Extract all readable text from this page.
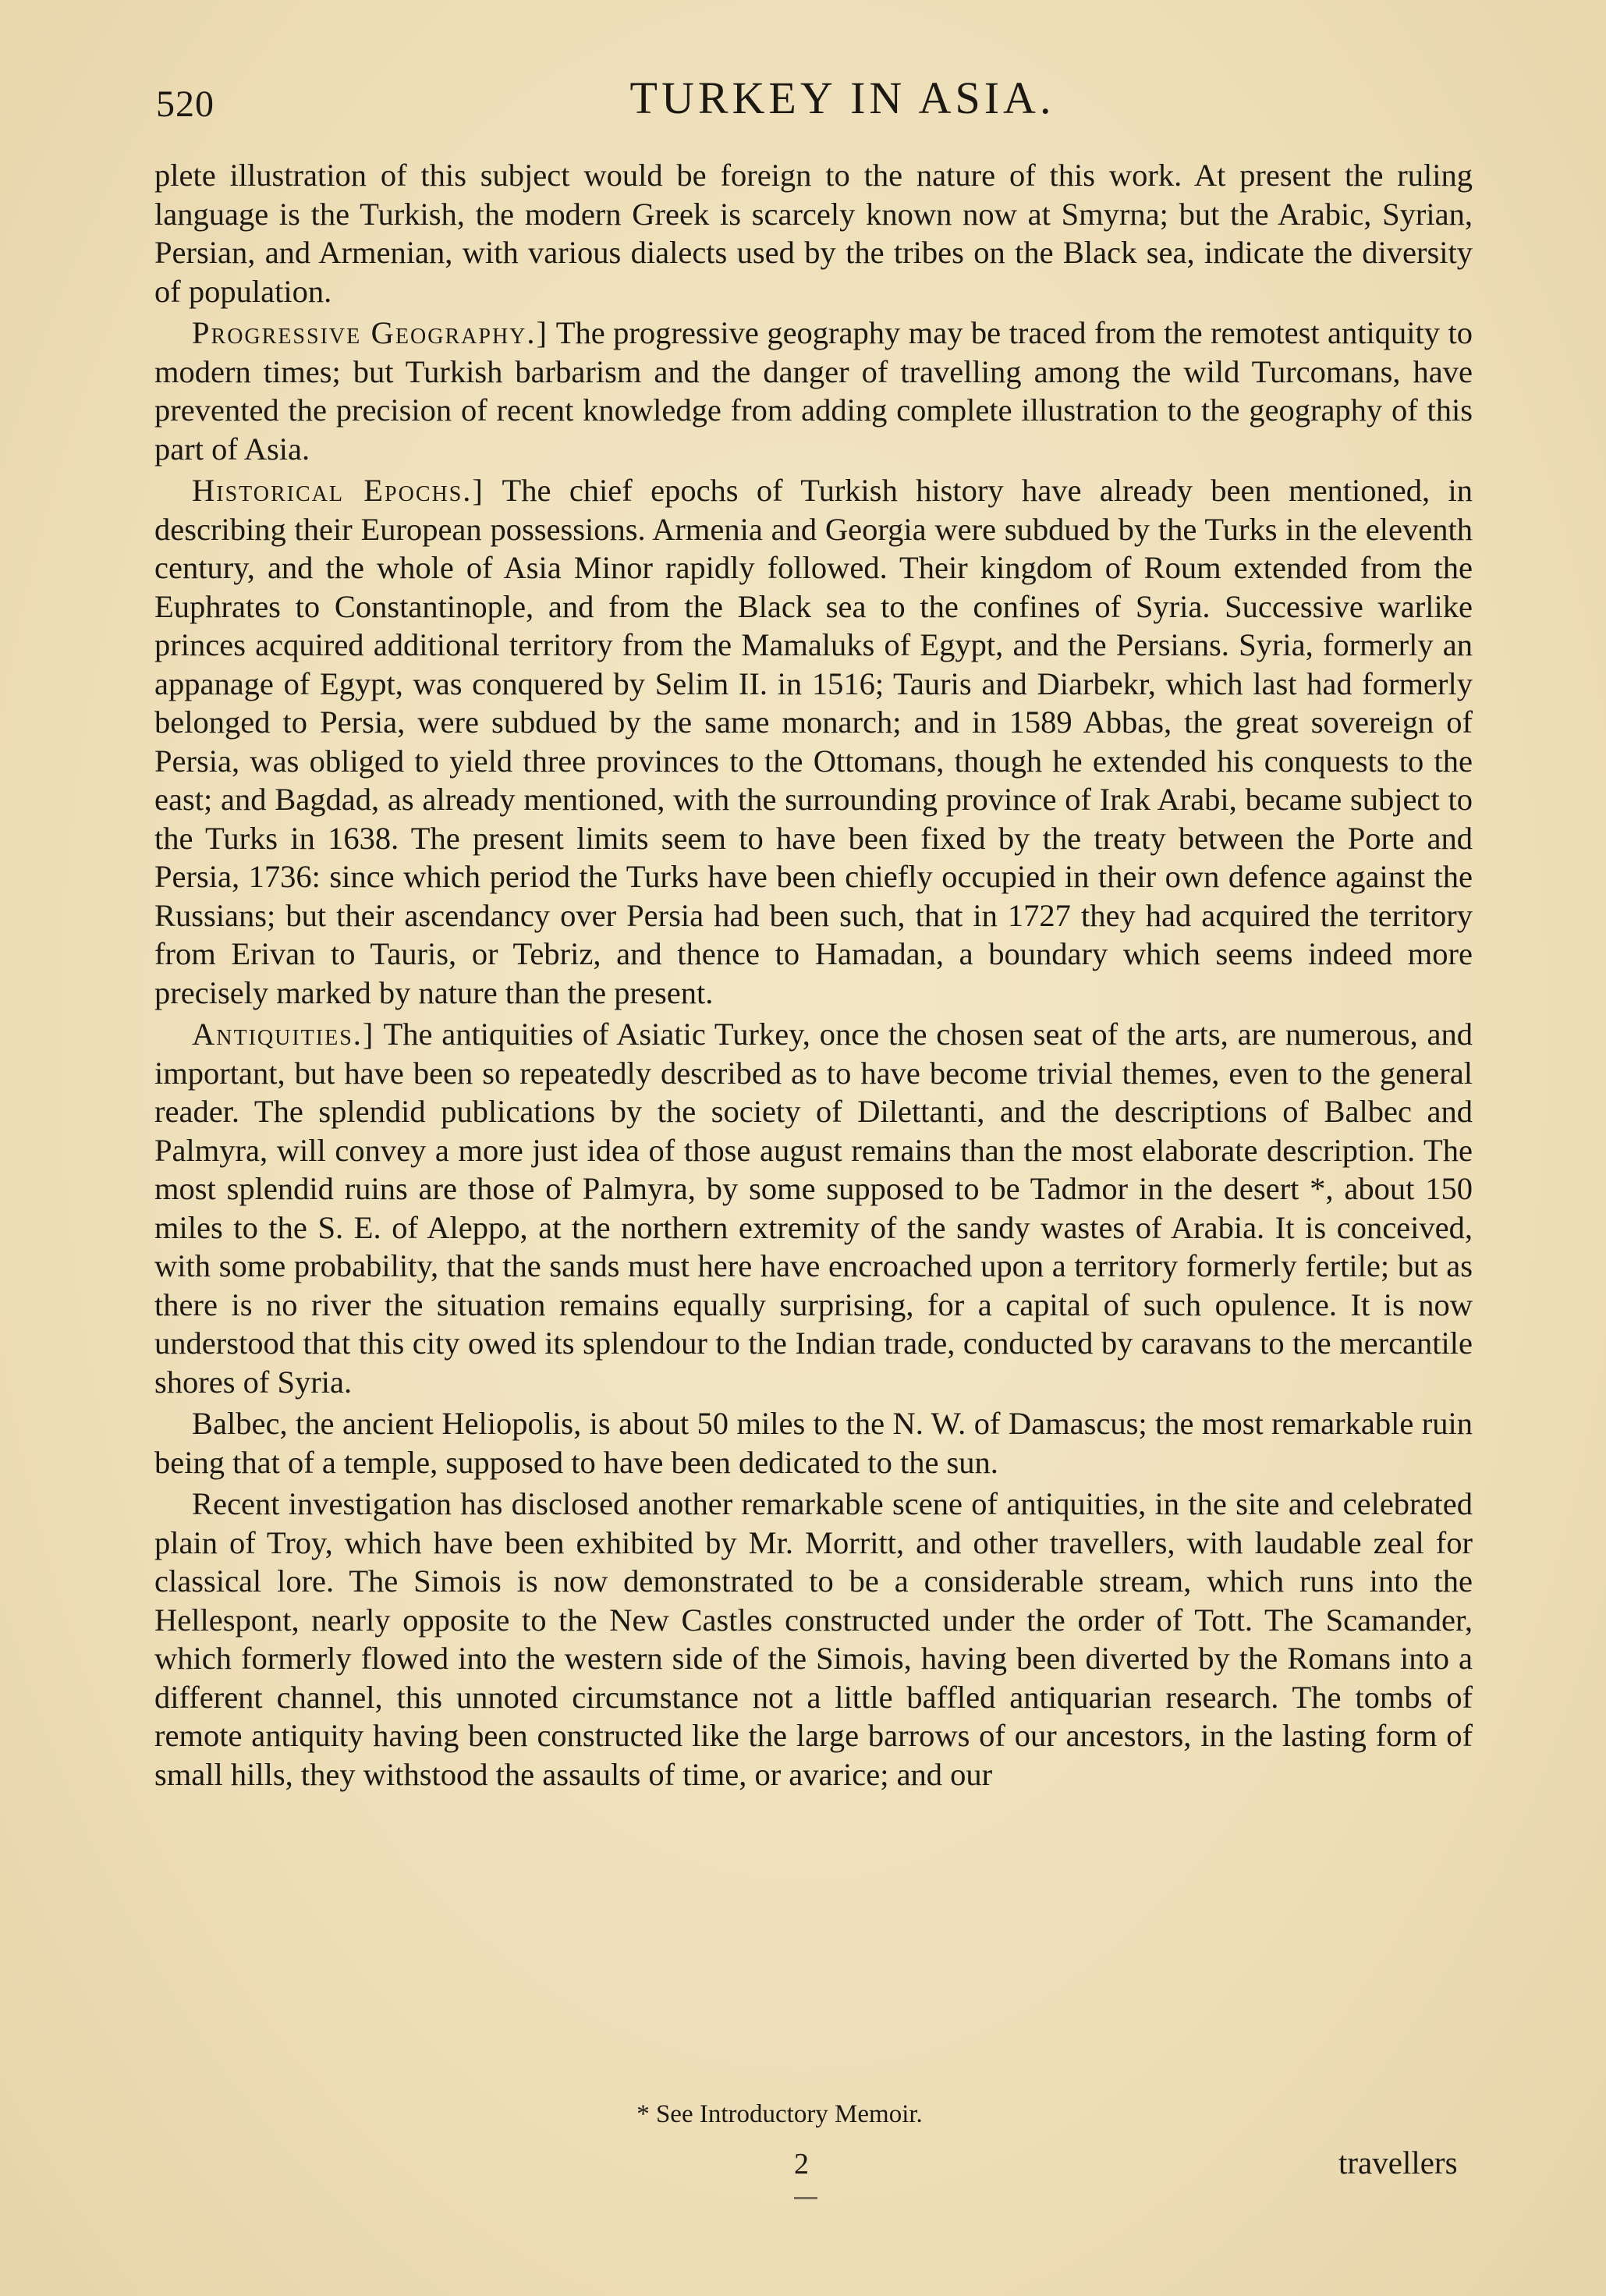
520	TURKEY IN ASIA.

plete illustration of this subject would be foreign to the nature of this work. At present the ruling language is the Turkish, the modern Greek is scarcely known now at Smyrna; but the Arabic, Syrian, Persian, and Armenian, with various dialects used by the tribes on the Black sea, indicate the diversity of population.

Progressive Geography.] The progressive geography may be traced from the remotest antiquity to modern times; but Turkish barbarism and the danger of travelling among the wild Turcomans, have prevented the precision of recent knowledge from adding complete illustration to the geography of this part of Asia.

Historical Epochs.] The chief epochs of Turkish history have already been mentioned, in describing their European possessions. Armenia and Georgia were subdued by the Turks in the eleventh century, and the whole of Asia Minor rapidly followed. Their kingdom of Roum extended from the Euphrates to Constantinople, and from the Black sea to the confines of Syria. Successive warlike princes acquired additional territory from the Mamaluks of Egypt, and the Persians. Syria, formerly an appanage of Egypt, was conquered by Selim II. in 1516; Tauris and Diarbekr, which last had formerly belonged to Persia, were subdued by the same monarch; and in 1589 Abbas, the great sovereign of Persia, was obliged to yield three provinces to the Ottomans, though he extended his conquests to the east; and Bagdad, as already mentioned, with the surrounding province of Irak Arabi, became subject to the Turks in 1638. The present limits seem to have been fixed by the treaty between the Porte and Persia, 1736: since which period the Turks have been chiefly occupied in their own defence against the Russians; but their ascendancy over Persia had been such, that in 1727 they had acquired the territory from Erivan to Tauris, or Tebriz, and thence to Hamadan, a boundary which seems indeed more precisely marked by nature than the present.

Antiquities.] The antiquities of Asiatic Turkey, once the chosen seat of the arts, are numerous, and important, but have been so repeatedly described as to have become trivial themes, even to the general reader. The splendid publications by the society of Dilettanti, and the descriptions of Balbec and Palmyra, will convey a more just idea of those august remains than the most elaborate description. The most splendid ruins are those of Palmyra, by some supposed to be Tadmor in the desert *, about 150 miles to the S. E. of Aleppo, at the northern extremity of the sandy wastes of Arabia. It is conceived, with some probability, that the sands must here have encroached upon a territory formerly fertile; but as there is no river the situation remains equally surprising, for a capital of such opulence. It is now understood that this city owed its splendour to the Indian trade, conducted by caravans to the mercantile shores of Syria.

Balbec, the ancient Heliopolis, is about 50 miles to the N. W. of Damascus; the most remarkable ruin being that of a temple, supposed to have been dedicated to the sun.

Recent investigation has disclosed another remarkable scene of antiquities, in the site and celebrated plain of Troy, which have been exhibited by Mr. Morritt, and other travellers, with laudable zeal for classical lore. The Simois is now demonstrated to be a considerable stream, which runs into the Hellespont, nearly opposite to the New Castles constructed under the order of Tott. The Scamander, which formerly flowed into the western side of the Simois, having been diverted by the Romans into a different channel, this unnoted circumstance not a little baffled antiquarian research. The tombs of remote antiquity having been constructed like the large barrows of our ancestors, in the lasting form of small hills, they withstood the assaults of time, or avarice; and our

* See Introductory Memoir.
2	travellers
